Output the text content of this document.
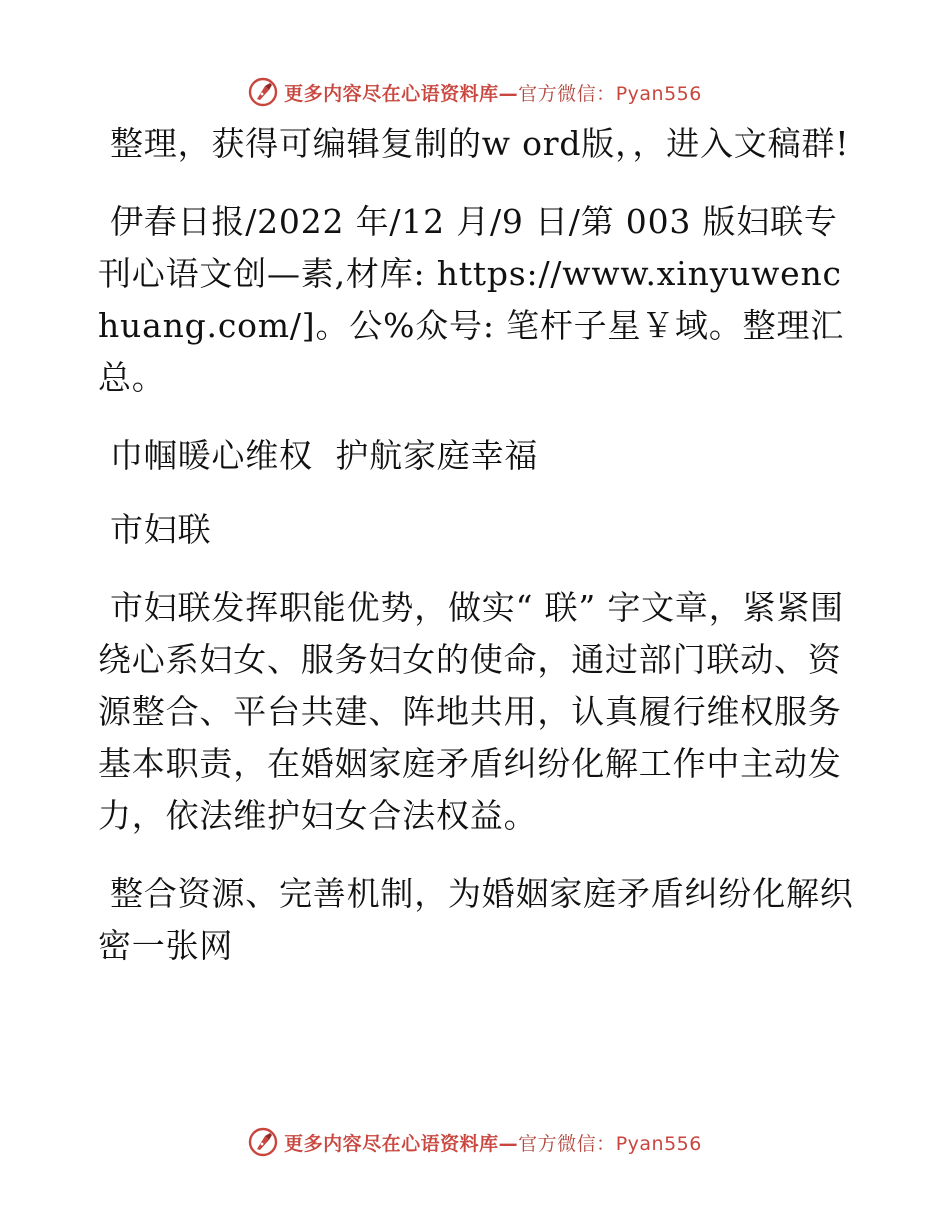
更多内容尽在心语资料库—官方微信：Pyan556

整理，获得可编辑复制的w ord版，，进入文稿群!

伊春日报/2022 年/12 月/9 日/第 003 版妇联专刊心语文创—素,材库: https://www.xinyuwenchuang.com/]。公%众号: 笔杆子星￥域。整理汇总。

巾帼暖心维权  护航家庭幸福

市妇联

市妇联发挥职能优势，做实“ 联” 字文章，紧紧围绕心系妇女、服务妇女的使命，通过部门联动、资源整合、平台共建、阵地共用，认真履行维权服务基本职责，在婚姻家庭矛盾纠纷化解工作中主动发力，依法维护妇女合法权益。

整合资源、完善机制，为婚姻家庭矛盾纠纷化解织密一张网

更多内容尽在心语资料库—官方微信：Pyan556
